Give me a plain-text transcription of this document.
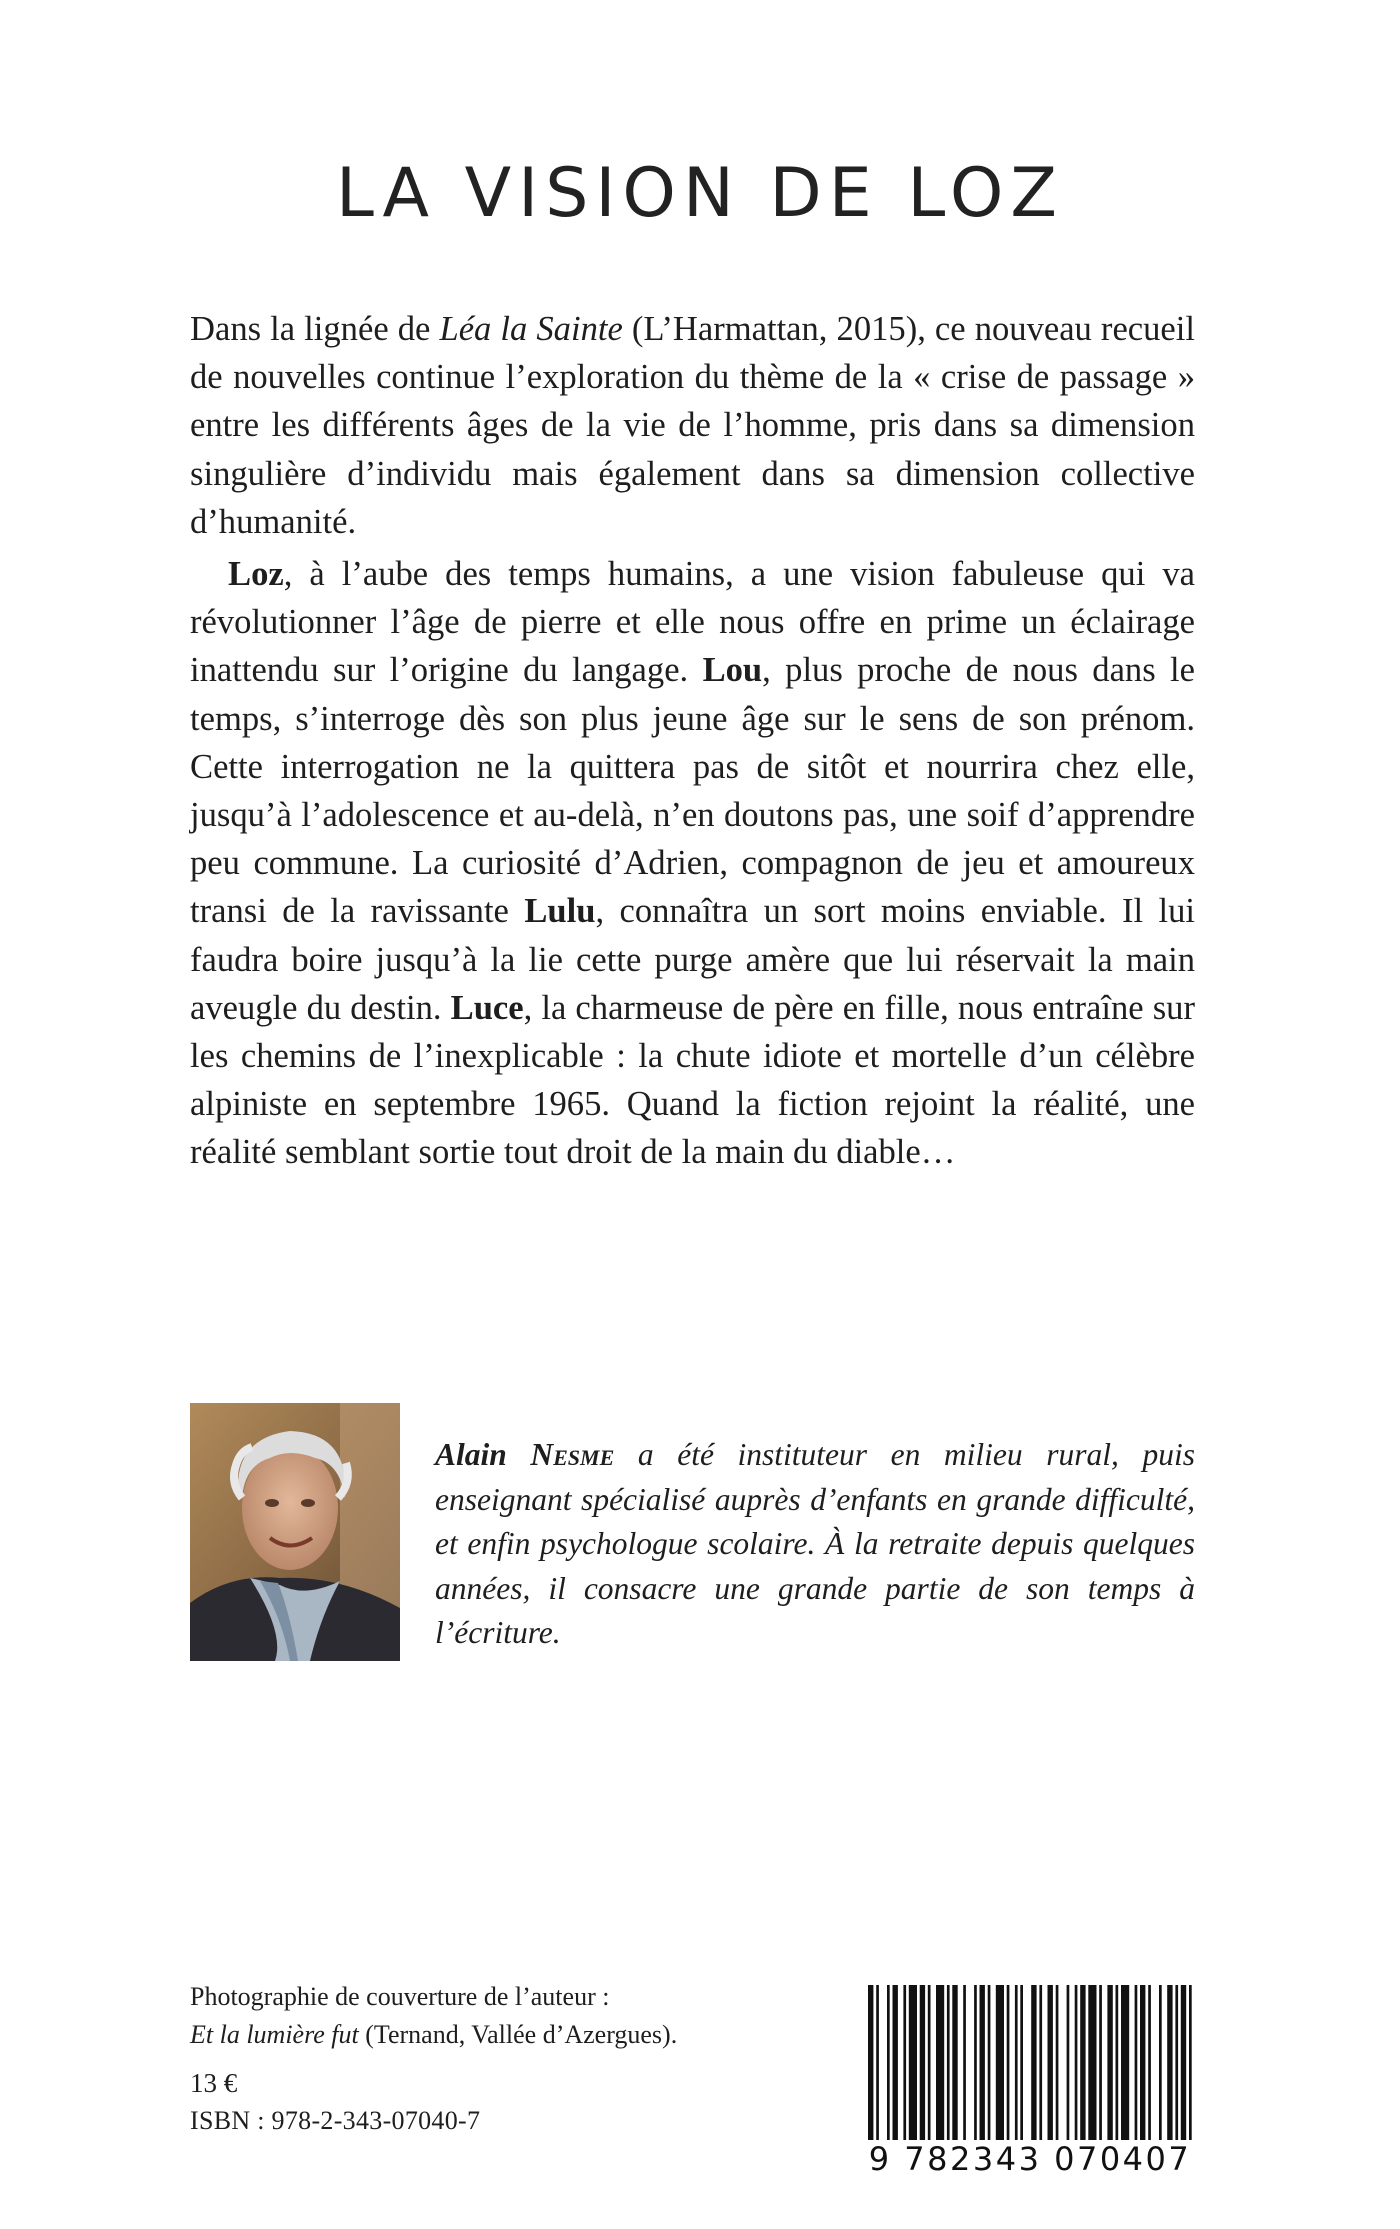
LA VISION DE LOZ

Dans la lignée de Léa la Sainte (L’Harmattan, 2015), ce nouveau recueil de nouvelles continue l’exploration du thème de la « crise de passage » entre les différents âges de la vie de l’homme, pris dans sa dimension singulière d’individu mais également dans sa dimension collective d’humanité.

Loz, à l’aube des temps humains, a une vision fabuleuse qui va révolutionner l’âge de pierre et elle nous offre en prime un éclairage inattendu sur l’origine du langage. Lou, plus proche de nous dans le temps, s’interroge dès son plus jeune âge sur le sens de son prénom. Cette interrogation ne la quittera pas de sitôt et nourrira chez elle, jusqu’à l’adolescence et au-delà, n’en doutons pas, une soif d’apprendre peu commune. La curiosité d’Adrien, compagnon de jeu et amoureux transi de la ravissante Lulu, connaîtra un sort moins enviable. Il lui faudra boire jusqu’à la lie cette purge amère que lui réservait la main aveugle du destin. Luce, la charmeuse de père en fille, nous entraîne sur les chemins de l’inexplicable : la chute idiote et mortelle d’un célèbre alpiniste en septembre 1965. Quand la fiction rejoint la réalité, une réalité semblant sortie tout droit de la main du diable…

Alain Nesme a été instituteur en milieu rural, puis enseignant spécialisé auprès d’enfants en grande difficulté, et enfin psychologue scolaire. À la retraite depuis quelques années, il consacre une grande partie de son temps à l’écriture.

Photographie de couverture de l’auteur :
Et la lumière fut (Ternand, Vallée d’Azergues).

13 €
ISBN : 978-2-343-07040-7
9 782343 070407
